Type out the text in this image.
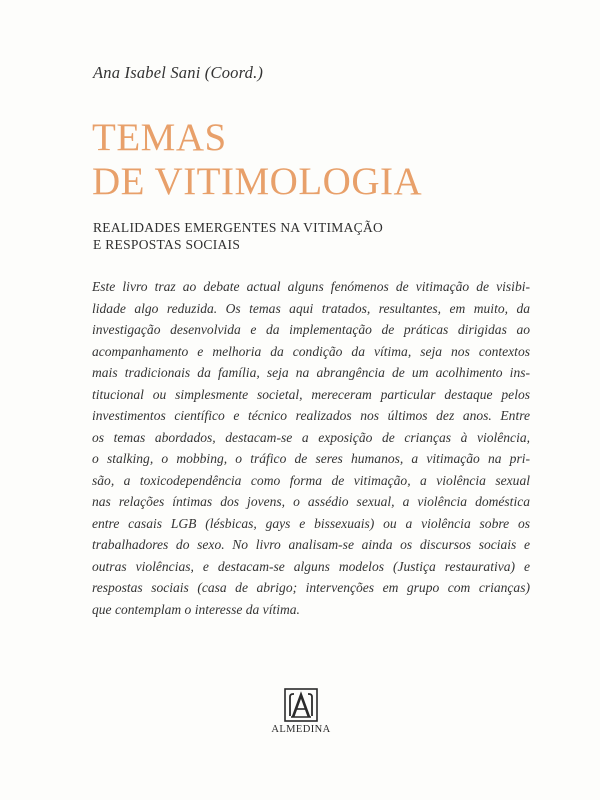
Ana Isabel Sani (Coord.)
TEMAS
DE VITIMOLOGIA
REALIDADES EMERGENTES NA VITIMAÇÃO
E RESPOSTAS SOCIAIS
Este livro traz ao debate actual alguns fenómenos de vitimação de visibi-
lidade algo reduzida. Os temas aqui tratados, resultantes, em muito, da
investigação desenvolvida e da implementação de práticas dirigidas ao
acompanhamento e melhoria da condição da vítima, seja nos contextos
mais tradicionais da família, seja na abrangência de um acolhimento ins-
titucional ou simplesmente societal, mereceram particular destaque pelos
investimentos científico e técnico realizados nos últimos dez anos. Entre
os temas abordados, destacam-se a exposição de crianças à violência,
o stalking, o mobbing, o tráfico de seres humanos, a vitimação na pri-
são, a toxicodependência como forma de vitimação, a violência sexual
nas relações íntimas dos jovens, o assédio sexual, a violência doméstica
entre casais LGB (lésbicas, gays e bissexuais) ou a violência sobre os
trabalhadores do sexo. No livro analisam-se ainda os discursos sociais e
outras violências, e destacam-se alguns modelos (Justiça restaurativa) e
respostas sociais (casa de abrigo; intervenções em grupo com crianças)
que contemplam o interesse da vítima.
ALMEDINA
